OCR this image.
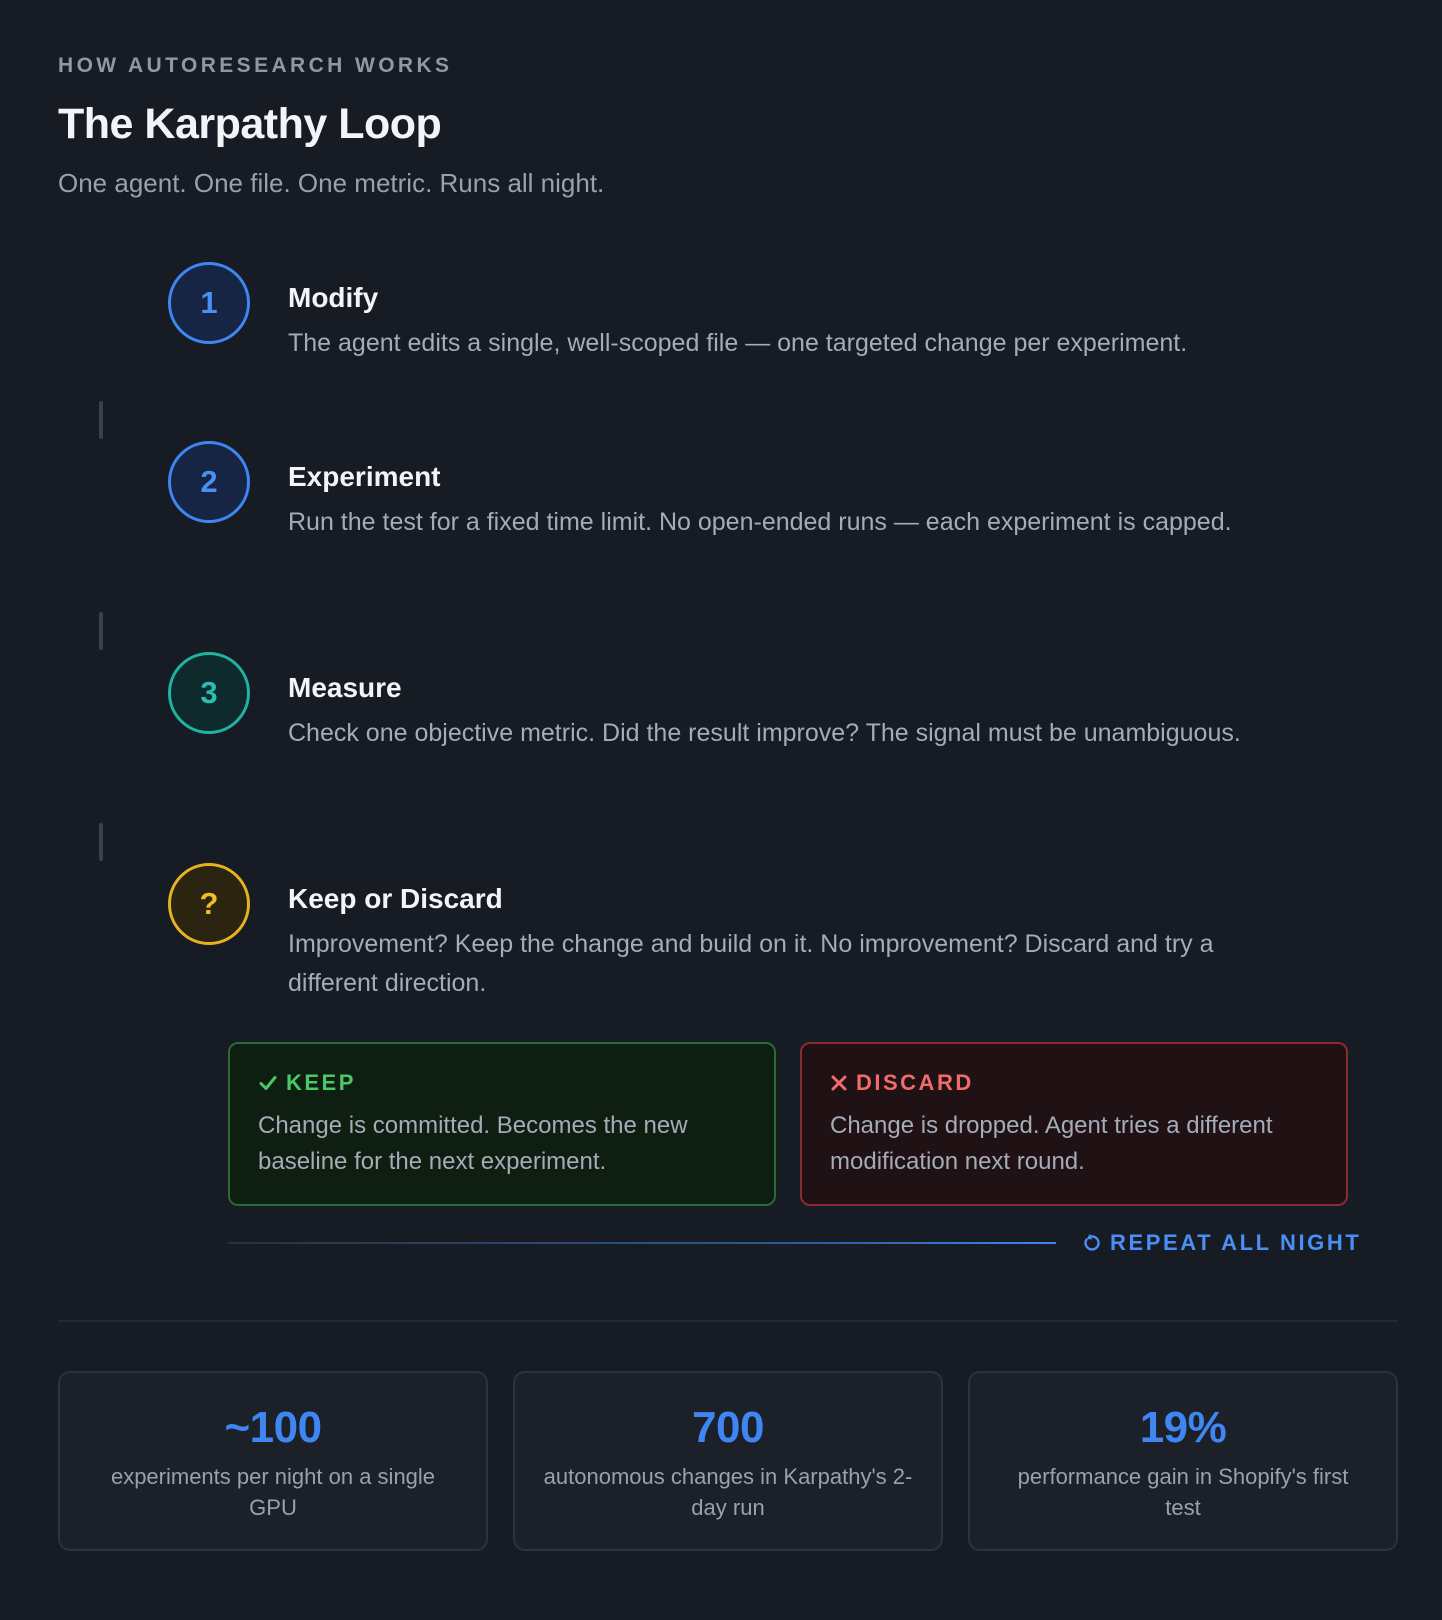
HOW AUTORESEARCH WORKS
The Karpathy Loop
One agent. One file. One metric. Runs all night.
1	Modify
The agent edits a single, well-scoped file — one targeted change per experiment.
2	Experiment
Run the test for a fixed time limit. No open-ended runs — each experiment is capped.
3	Measure
Check one objective metric. Did the result improve? The signal must be unambiguous.
?	Keep or Discard
Improvement? Keep the change and build on it. No improvement? Discard and try a different direction.
KEEP
Change is committed. Becomes the new baseline for the next experiment.
DISCARD
Change is dropped. Agent tries a different modification next round.
REPEAT ALL NIGHT
~100
experiments per night on a single GPU
700
autonomous changes in Karpathy's 2-day run
19%
performance gain in Shopify's first test
